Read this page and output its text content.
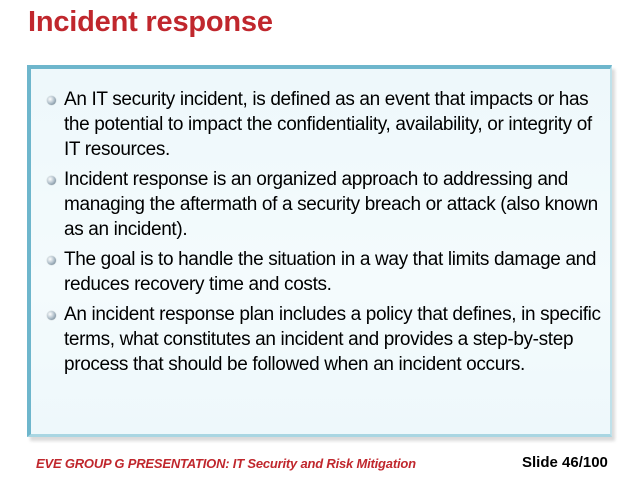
Incident response
An IT security incident, is defined as an event that impacts or has the potential to impact the confidentiality, availability, or integrity of IT resources.
Incident response is an organized approach to addressing and managing the aftermath of a security breach or attack (also known as an incident).
The goal is to handle the situation in a way that limits damage and reduces recovery time and costs.
An incident response plan includes a policy that defines, in specific terms, what constitutes an incident and provides a step-by-step process that should be followed when an incident occurs.
EVE GROUP G PRESENTATION: IT Security and Risk Mitigation	Slide 46/100
